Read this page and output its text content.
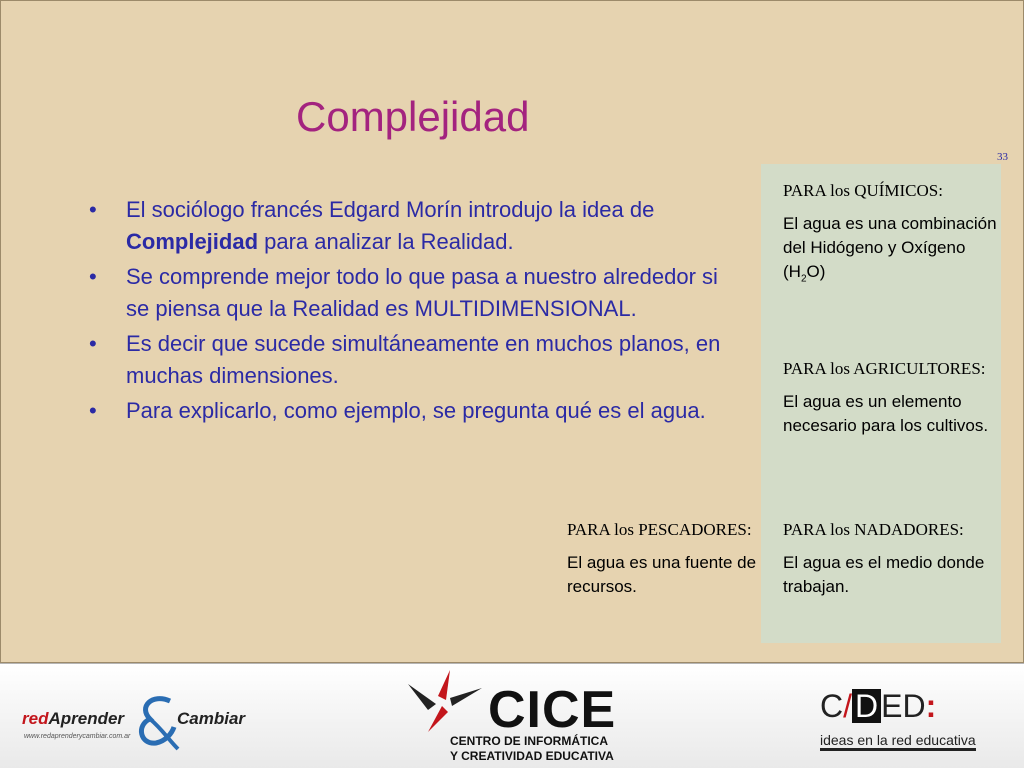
Complejidad
33
• El sociólogo francés Edgard Morín introdujo la idea de Complejidad para analizar la Realidad.
• Se comprende mejor todo lo que pasa a nuestro alrededor si se piensa que la Realidad es MULTIDIMENSIONAL.
• Es decir que sucede simultáneamente en muchos planos, en muchas dimensiones.
• Para explicarlo, como ejemplo, se pregunta qué es el agua.
PARA los QUÍMICOS:
El agua es una combinación del Hidógeno y Oxígeno $(H_2O)$
PARA los AGRICULTORES:
El agua es un elemento necesario para los cultivos.
PARA los NADADORES:
El agua es el medio donde trabajan.
PARA los PESCADORES:
El agua es una fuente de recursos.
redAprender	Cambiar
www.redaprenderycambiar.com.ar	CICE
CENTRO DE INFORMÁTICA
Y CREATIVIDAD EDUCATIVA
C/DED:
ideas en la red educativa
